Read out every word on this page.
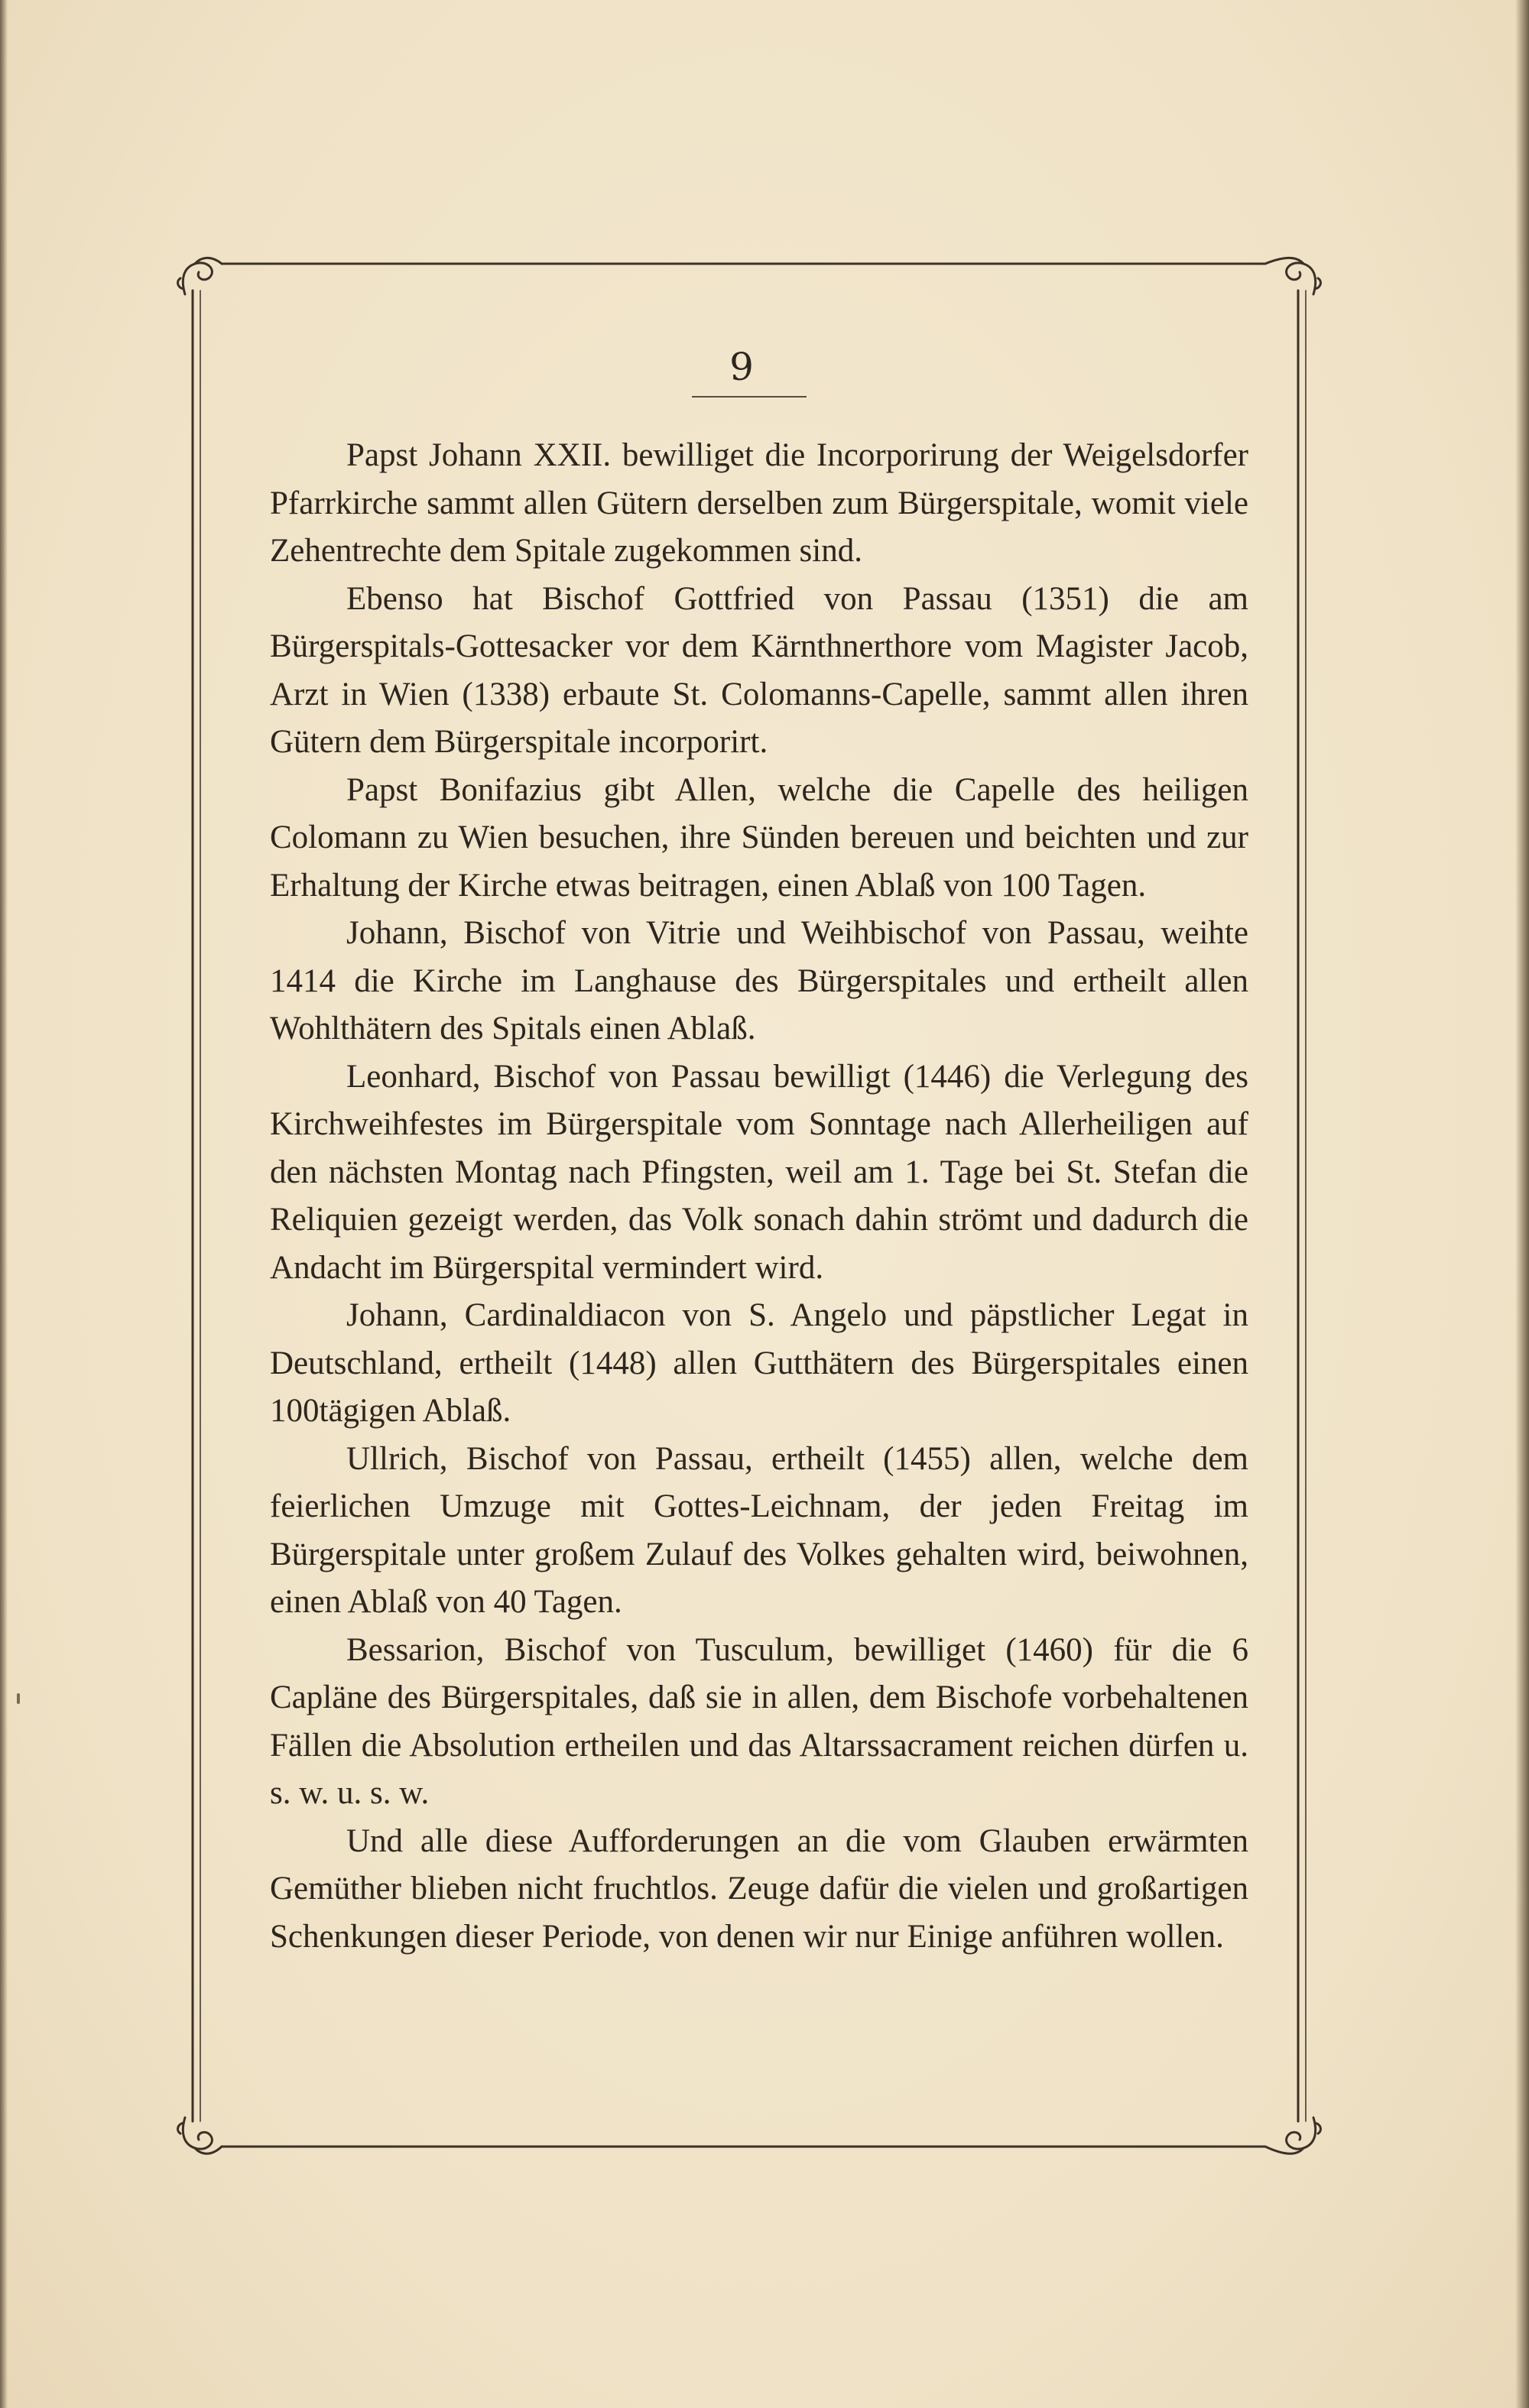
9

Papst Johann XXII. bewilliget die Incorporirung der Weigelsdorfer Pfarrkirche sammt allen Gütern derselben zum Bürgerspitale, womit viele Zehentrechte dem Spitale zugekommen sind.

Ebenso hat Bischof Gottfried von Passau (1351) die am Bürgerspitals-Gottesacker vor dem Kärnthnerthore vom Magister Jacob, Arzt in Wien (1338) erbaute St. Colomanns-Capelle, sammt allen ihren Gütern dem Bürgerspitale incorporirt.

Papst Bonifazius gibt Allen, welche die Capelle des heiligen Colomann zu Wien besuchen, ihre Sünden bereuen und beichten und zur Erhaltung der Kirche etwas beitragen, einen Ablaß von 100 Tagen.

Johann, Bischof von Vitrie und Weihbischof von Passau, weihte 1414 die Kirche im Langhause des Bürgerspitales und ertheilt allen Wohlthätern des Spitals einen Ablaß.

Leonhard, Bischof von Passau bewilligt (1446) die Verlegung des Kirchweihfestes im Bürgerspitale vom Sonntage nach Allerheiligen auf den nächsten Montag nach Pfingsten, weil am 1. Tage bei St. Stefan die Reliquien gezeigt werden, das Volk sonach dahin strömt und dadurch die Andacht im Bürgerspital vermindert wird.

Johann, Cardinaldiacon von S. Angelo und päpstlicher Legat in Deutschland, ertheilt (1448) allen Gutthätern des Bürgerspitales einen 100tägigen Ablaß.

Ullrich, Bischof von Passau, ertheilt (1455) allen, welche dem feierlichen Umzuge mit Gottes-Leichnam, der jeden Freitag im Bürgerspitale unter großem Zulauf des Volkes gehalten wird, beiwohnen, einen Ablaß von 40 Tagen.

Bessarion, Bischof von Tusculum, bewilliget (1460) für die 6 Capläne des Bürgerspitales, daß sie in allen, dem Bischofe vorbehaltenen Fällen die Absolution ertheilen und das Altarssacrament reichen dürfen u. s. w. u. s. w.

Und alle diese Aufforderungen an die vom Glauben erwärmten Gemüther blieben nicht fruchtlos. Zeuge dafür die vielen und großartigen Schenkungen dieser Periode, von denen wir nur Einige anführen wollen.
